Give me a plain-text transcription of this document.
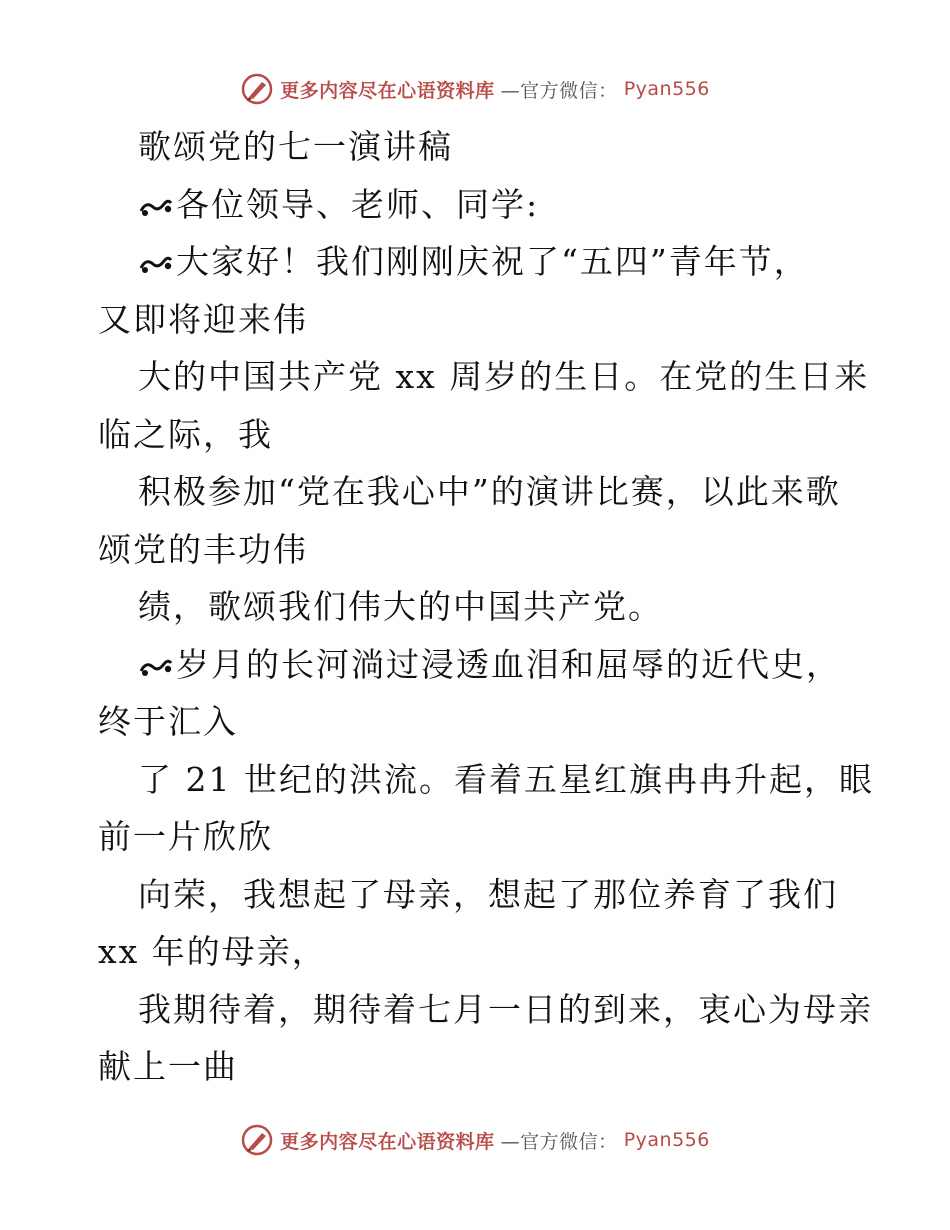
更多内容尽在心语资料库 —官方微信： Pyan556
歌颂党的七一演讲稿
各位领导、老师、同学:
大家好！我们刚刚庆祝了“五四”青年节，
又即将迎来伟
大的中国共产党 xx 周岁的生日。在党的生日来
临之际，我
积极参加“党在我心中”的演讲比赛，以此来歌
颂党的丰功伟
绩，歌颂我们伟大的中国共产党。
岁月的长河淌过浸透血泪和屈辱的近代史，
终于汇入
了 21 世纪的洪流。看着五星红旗冉冉升起，眼
前一片欣欣
向荣，我想起了母亲，想起了那位养育了我们
xx 年的母亲，
我期待着，期待着七月一日的到来，衷心为母亲
献上一曲
更多内容尽在心语资料库 —官方微信： Pyan556
